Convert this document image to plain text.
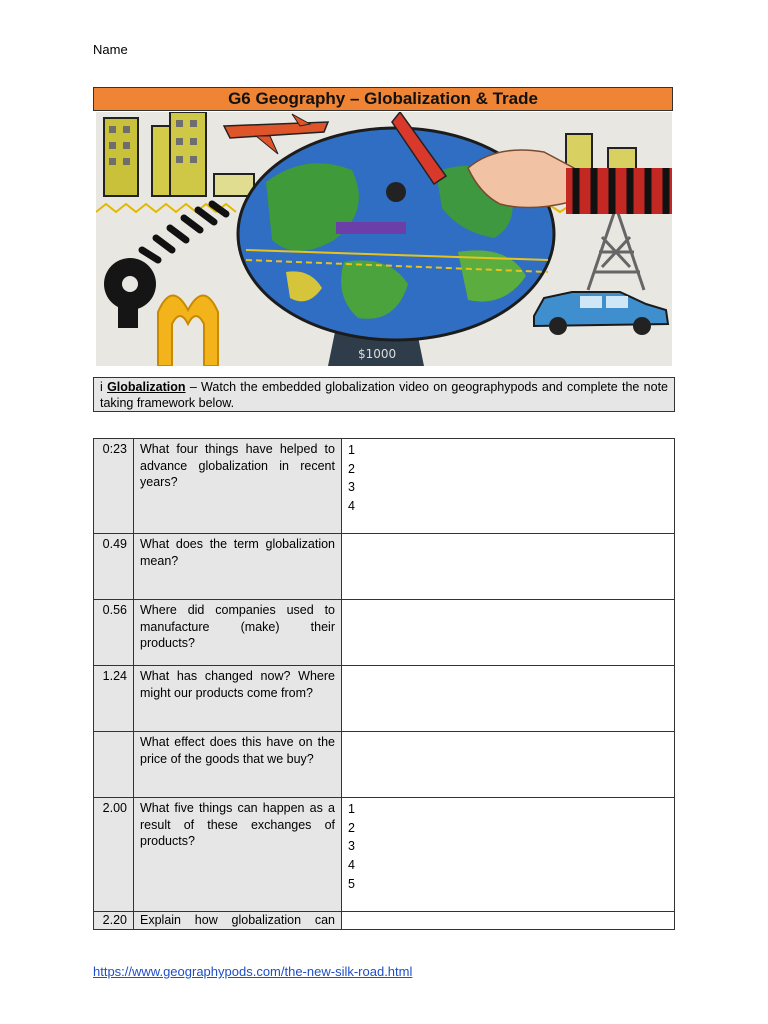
Name
G6 Geography – Globalization & Trade
$1000
i Globalization – Watch the embedded globalization video on geographypods and complete the note taking framework below.
0:23	What four things have helped to advance globalization in recent years?	1
2
3
4

0.49	What does the term globalization mean?	
0.56	Where did companies used to manufacture (make) their products?	
1.24	What has changed now? Where might our products come from?	
	What effect does this have on the price of the goods that we buy?	
2.00	What five things can happen as a result of these exchanges of products?	1
2
3
4
5

2.20	Explain how globalization can	
https://www.geographypods.com/the-new-silk-road.html
